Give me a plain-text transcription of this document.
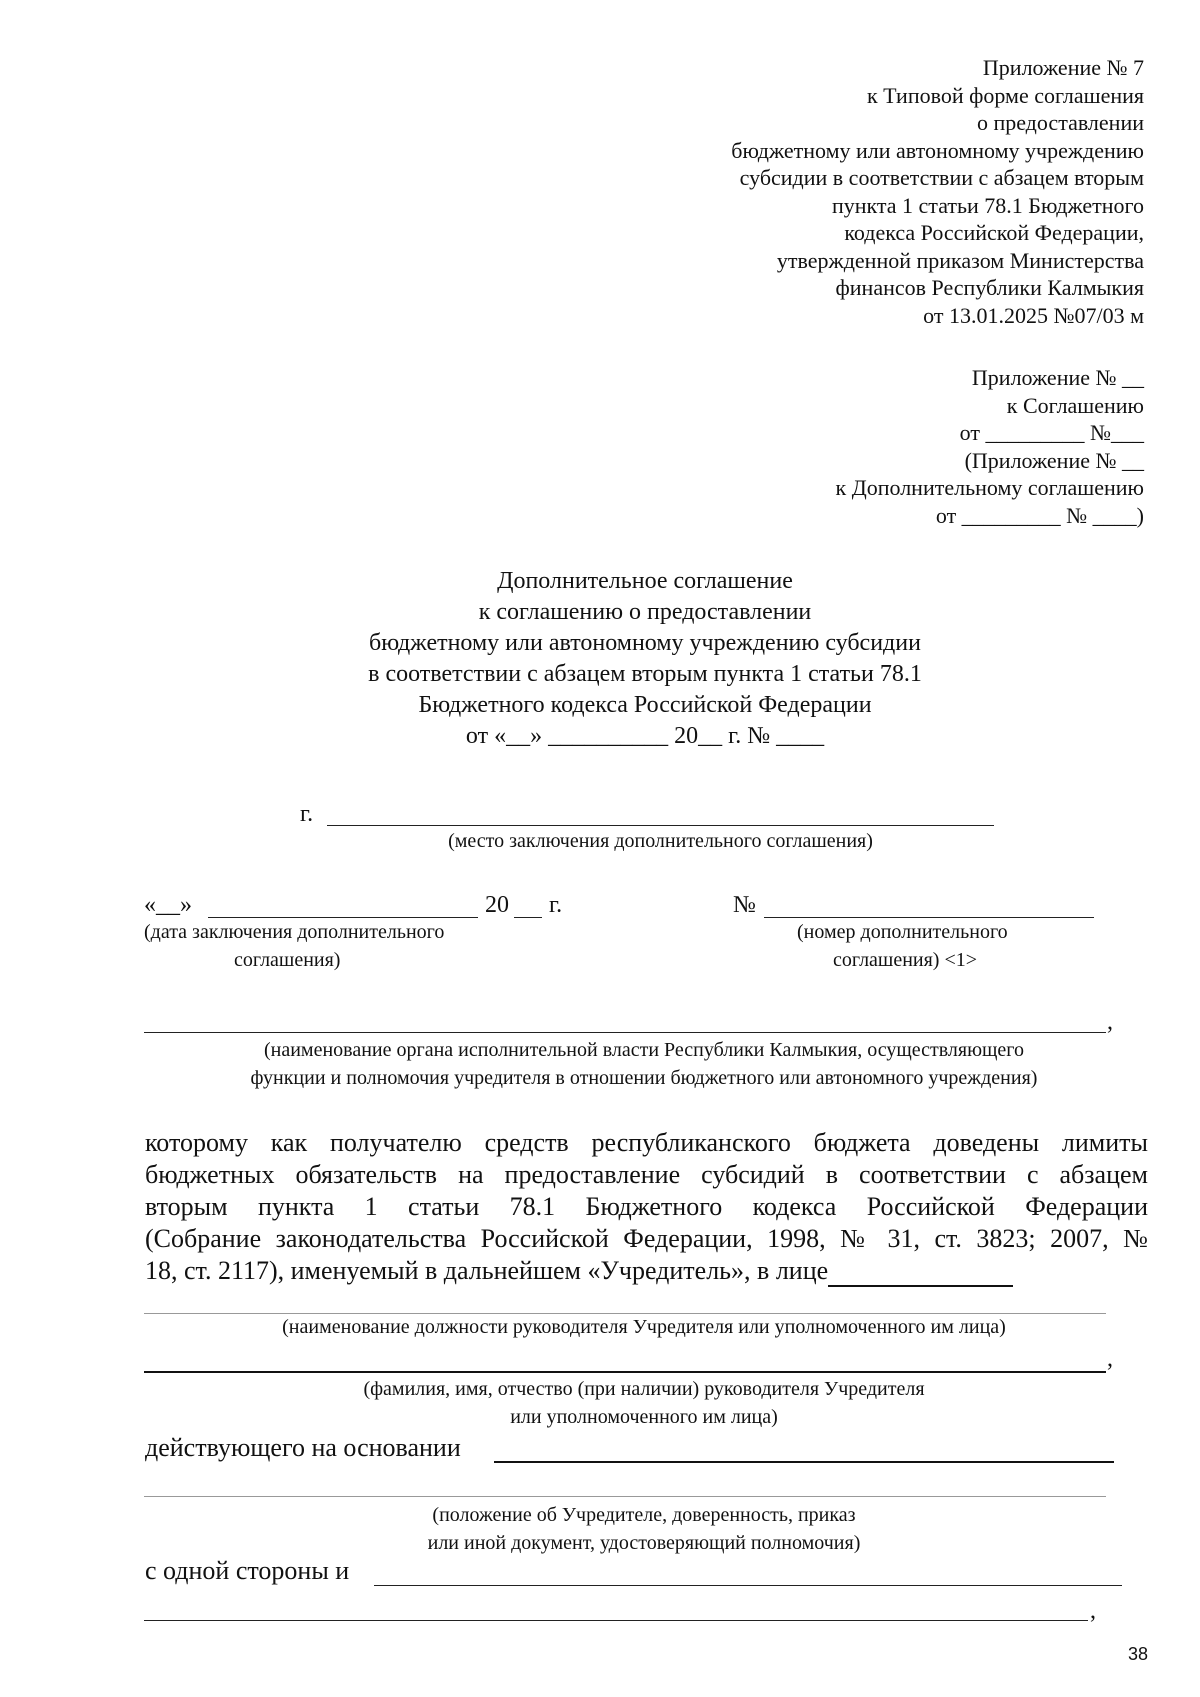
Приложение № 7
к Типовой форме соглашения
о предоставлении
бюджетному или автономному учреждению
субсидии в соответствии с абзацем вторым
пункта 1 статьи 78.1 Бюджетного
кодекса Российской Федерации,
утвержденной приказом Министерства
финансов Республики Калмыкия
от 13.01.2025 №07/03 м
Приложение № __
к Соглашению
от _________ №___
(Приложение № __
к Дополнительному соглашению
от _________ № ____)
Дополнительное соглашение
к соглашению о предоставлении
бюджетному или автономному учреждению субсидии
в соответствии с абзацем вторым пункта 1 статьи 78.1
Бюджетного кодекса Российской Федерации
от «__» __________ 20__ г. № ____
г.
(место заключения дополнительного соглашения)
«__»	20 г.
(дата заключения дополнительного
соглашения)
№
(номер дополнительного
соглашения) <1>
,
(наименование органа исполнительной власти Республики Калмыкия, осуществляющего
функции и полномочия учредителя в отношении бюджетного или автономного учреждения)
которому как получателю средств республиканского бюджета доведены лимиты
бюджетных обязательств на предоставление субсидий в соответствии с абзацем
вторым пункта 1 статьи 78.1 Бюджетного кодекса Российской Федерации
(Собрание законодательства Российской Федерации, 1998, № 31, ст. 3823; 2007, №
18, ст. 2117), именуемый в дальнейшем «Учредитель», в лице
(наименование должности руководителя Учредителя или уполномоченного им лица)
,
(фамилия, имя, отчество (при наличии) руководителя Учредителя
или уполномоченного им лица)
действующего на основании
(положение об Учредителе, доверенность, приказ
или иной документ, удостоверяющий полномочия)
с одной стороны и
,
38
